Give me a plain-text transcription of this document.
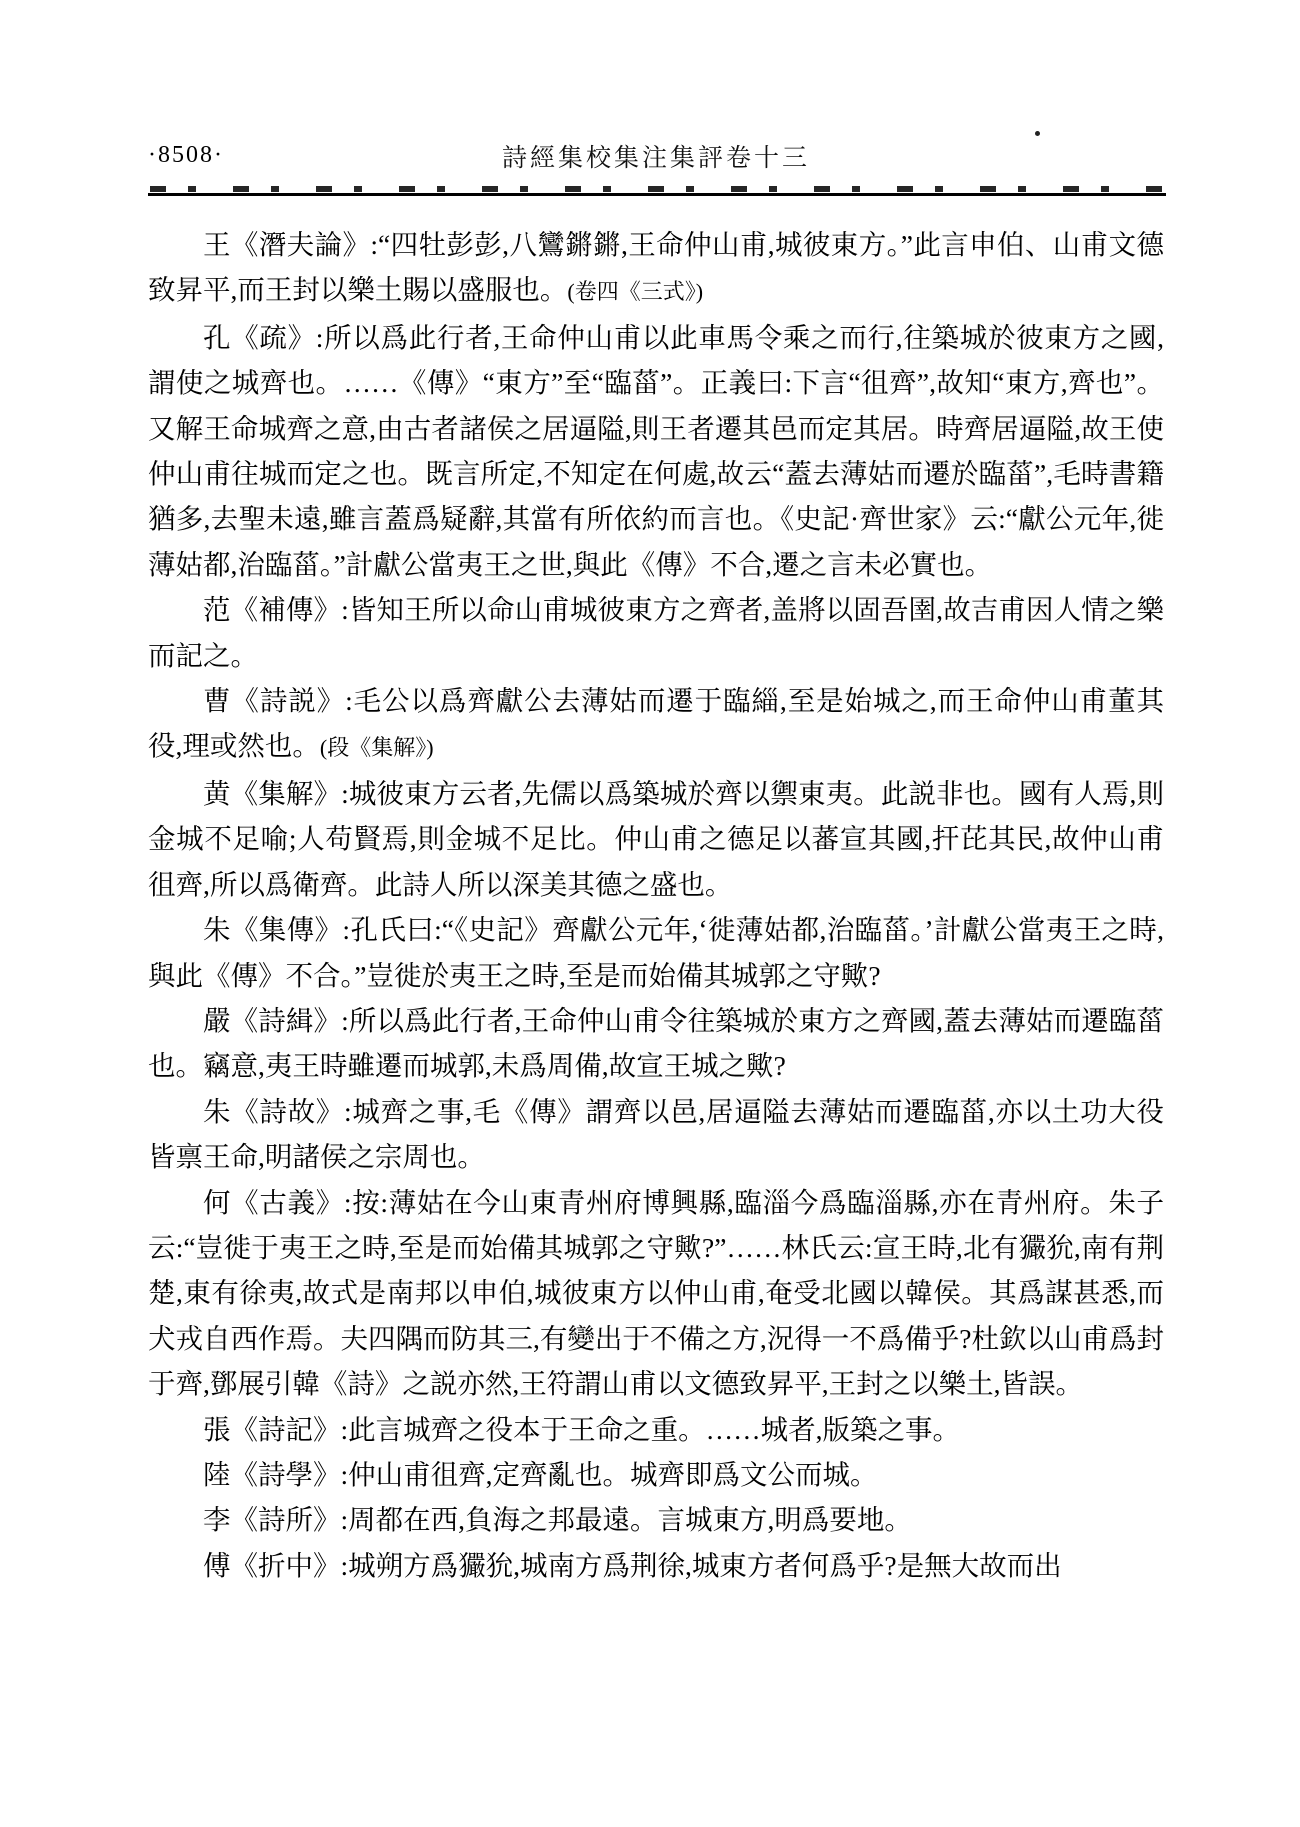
·8508·	詩經集校集注集評卷十三

王《潛夫論》:“四牡彭彭,八鸞鏘鏘,王命仲山甫,城彼東方。”此言申伯、山甫文德致昇平,而王封以樂土賜以盛服也。(卷四《三式》)

孔《疏》:所以爲此行者,王命仲山甫以此車馬令乘之而行,往築城於彼東方之國,謂使之城齊也。……《傳》“東方”至“臨菑”。正義曰:下言“徂齊”,故知“東方,齊也”。又解王命城齊之意,由古者諸侯之居逼隘,則王者遷其邑而定其居。時齊居逼隘,故王使仲山甫往城而定之也。既言所定,不知定在何處,故云“蓋去薄姑而遷於臨菑”,毛時書籍猶多,去聖未遠,雖言蓋爲疑辭,其當有所依約而言也。《史記·齊世家》云:“獻公元年,徙薄姑都,治臨菑。”計獻公當夷王之世,與此《傳》不合,遷之言未必實也。

范《補傳》:皆知王所以命山甫城彼東方之齊者,盖將以固吾圉,故吉甫因人情之樂而記之。

曹《詩説》:毛公以爲齊獻公去薄姑而遷于臨緇,至是始城之,而王命仲山甫董其役,理或然也。(段《集解》)

黄《集解》:城彼東方云者,先儒以爲築城於齊以禦東夷。此説非也。國有人焉,則金城不足喻;人苟賢焉,則金城不足比。仲山甫之德足以蕃宣其國,扞芘其民,故仲山甫徂齊,所以爲衛齊。此詩人所以深美其德之盛也。

朱《集傳》:孔氏曰:“《史記》齊獻公元年,‘徙薄姑都,治臨菑。’計獻公當夷王之時,與此《傳》不合。”豈徙於夷王之時,至是而始備其城郭之守歟?

嚴《詩緝》:所以爲此行者,王命仲山甫令往築城於東方之齊國,蓋去薄姑而遷臨菑也。竊意,夷王時雖遷而城郭,未爲周備,故宣王城之歟?

朱《詩故》:城齊之事,毛《傳》謂齊以邑,居逼隘去薄姑而遷臨菑,亦以土功大役皆禀王命,明諸侯之宗周也。

何《古義》:按:薄姑在今山東青州府博興縣,臨淄今爲臨淄縣,亦在青州府。朱子云:“豈徙于夷王之時,至是而始備其城郭之守歟?”……林氏云:宣王時,北有玁狁,南有荆楚,東有徐夷,故式是南邦以申伯,城彼東方以仲山甫,奄受北國以韓侯。其爲謀甚悉,而犬戎自西作焉。夫四隅而防其三,有變出于不備之方,況得一不爲備乎?杜欽以山甫爲封于齊,鄧展引韓《詩》之説亦然,王符謂山甫以文德致昇平,王封之以樂土,皆誤。

張《詩記》:此言城齊之役本于王命之重。……城者,版築之事。

陸《詩學》:仲山甫徂齊,定齊亂也。城齊即爲文公而城。

李《詩所》:周都在西,負海之邦最遠。言城東方,明爲要地。

傅《折中》:城朔方爲玁狁,城南方爲荆徐,城東方者何爲乎?是無大故而出
